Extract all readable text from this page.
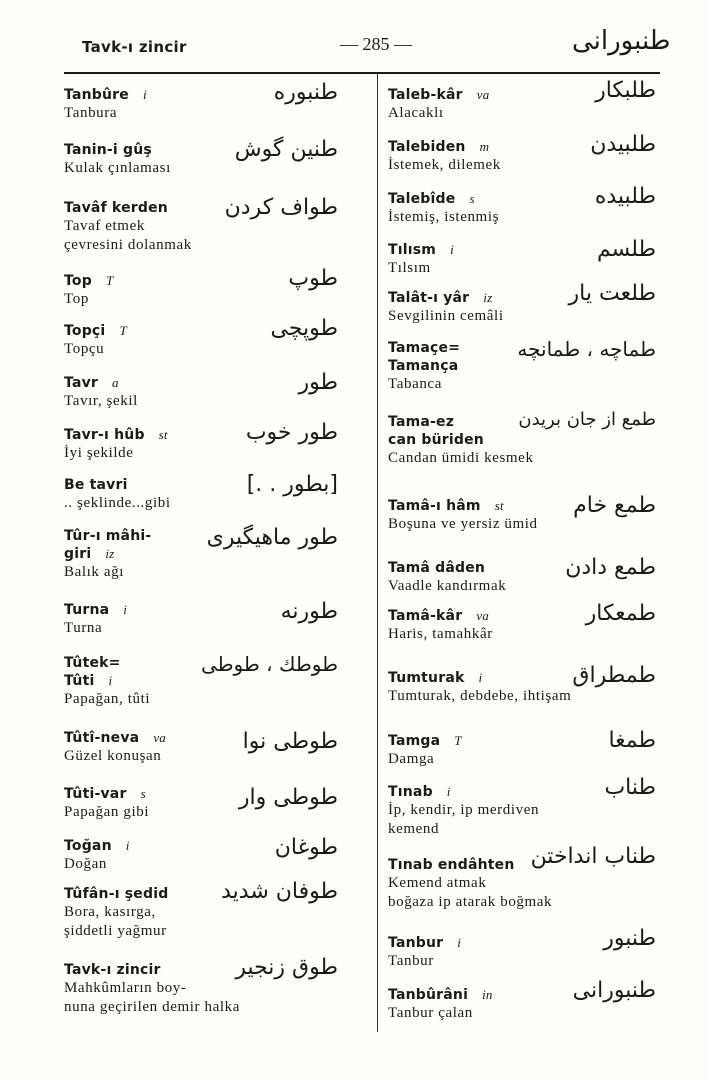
Tavk-ı zincir	— 285 —	طنبورانى
Tanbûre i
Tanbura
طنبوره
Tanin-i gûş
Kulak çınlaması
طنين گوش
Tavâf kerden
Tavaf etmek
çevresini dolanmak
طواف كردن
Top T
Top
طوپ
Topçi T
Topçu
طوپچى
Tavr a
Tavır, şekil
طور
Tavr-ı hûb st
İyi şekilde
طور خوب
Be tavri
.. şeklinde...gibi
[بطور . .]
Tûr-ı mâhi-
giri iz
Balık ağı
طور ماهيگيرى
Turna i
Turna
طورنه
Tûtek=
Tûti i
Papağan, tûti
طوطك ، طوطى
Tûtî-neva va
Güzel konuşan
طوطى نوا
Tûti-var s
Papağan gibi
طوطى وار
Toğan i
Doğan
طوغان
Tûfân-ı şedid
Bora, kasırga,
şiddetli yağmur
طوفان شديد
Tavk-ı zincir
Mahkûmların boy-
nuna geçirilen demir halka
طوق زنجير
Taleb-kâr va
Alacaklı
طلبكار
Talebiden m
İstemek, dilemek
طلبيدن
Talebîde s
İstemiş, istenmiş
طلبيده
Tılısm i
Tılsım
طلسم
Talât-ı yâr iz
Sevgilinin cemâli
طلعت يار
Tamaçe=
Tamança
Tabanca
طماچه ، طمانچه
Tama-ez
can büriden
Candan ümidi kesmek
طمع از جان بريدن
Tamâ-ı hâm st
Boşuna ve yersiz ümid
طمع خام
Tamâ dâden
Vaadle kandırmak
طمع دادن
Tamâ-kâr va
Haris, tamahkâr
طمعكار
Tumturak i
Tumturak, debdebe, ihtişam
طمطراق
Tamga T
Damga
طمغا
Tınab i
İp, kendir, ip merdiven
kemend
طناب
Tınab endâhten
Kemend atmak
boğaza ip atarak boğmak
طناب انداختن
Tanbur i
Tanbur
طنبور
Tanbûrâni in
Tanbur çalan
طنبورانى
